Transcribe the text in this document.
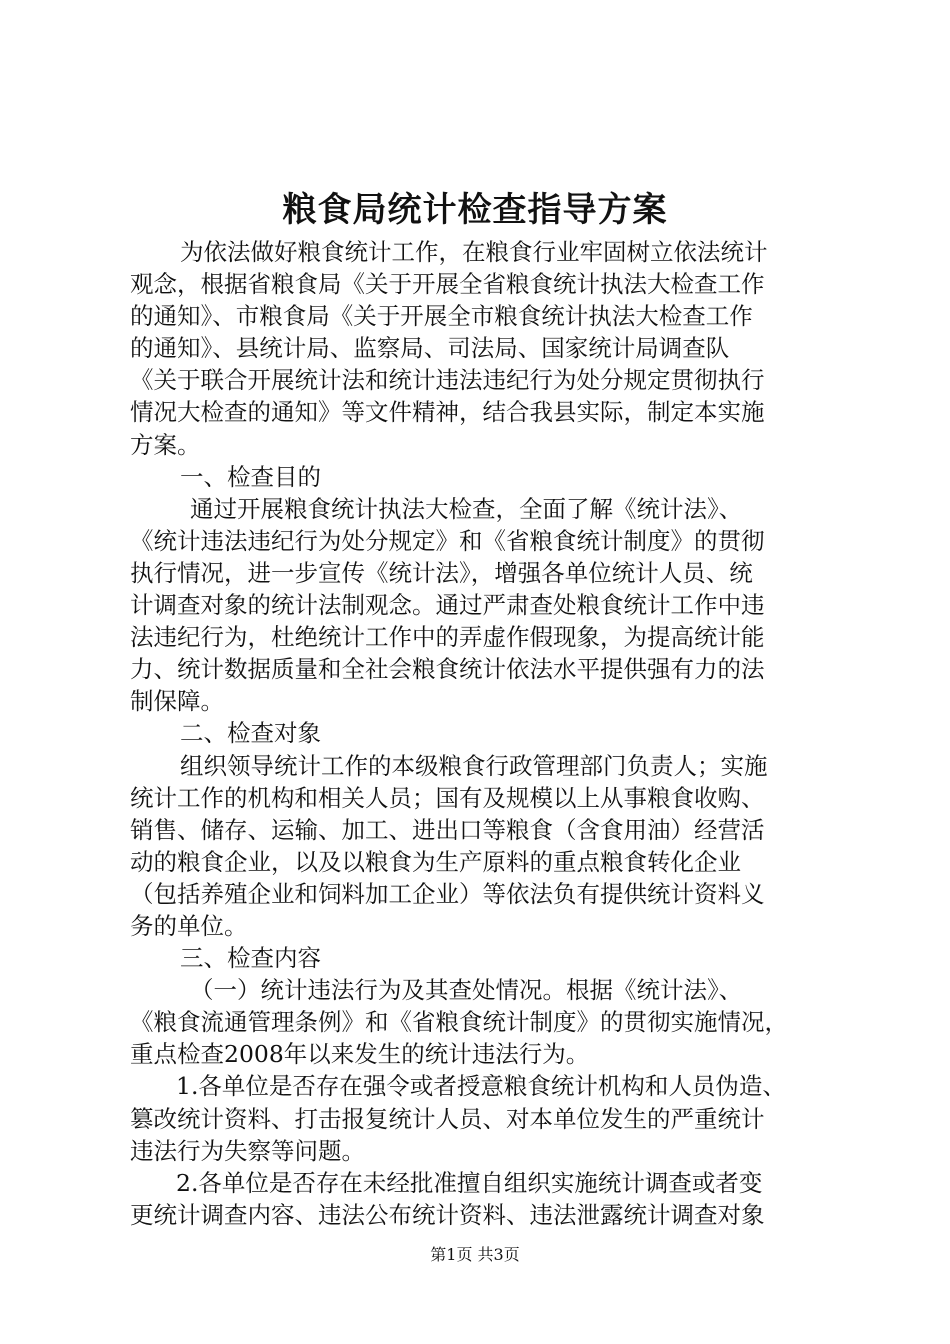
粮食局统计检查指导方案
为依法做好粮食统计工作，在粮食行业牢固树立依法统计
观念，根据省粮食局《关于开展全省粮食统计执法大检查工作
的通知》、市粮食局《关于开展全市粮食统计执法大检查工作
的通知》、县统计局、监察局、司法局、国家统计局调查队
《关于联合开展统计法和统计违法违纪行为处分规定贯彻执行
情况大检查的通知》等文件精神，结合我县实际，制定本实施
方案。
一、检查目的
通过开展粮食统计执法大检查，全面了解《统计法》、
《统计违法违纪行为处分规定》和《省粮食统计制度》的贯彻
执行情况，进一步宣传《统计法》，增强各单位统计人员、统
计调查对象的统计法制观念。通过严肃查处粮食统计工作中违
法违纪行为，杜绝统计工作中的弄虚作假现象，为提高统计能
力、统计数据质量和全社会粮食统计依法水平提供强有力的法
制保障。
二、检查对象
组织领导统计工作的本级粮食行政管理部门负责人；实施
统计工作的机构和相关人员；国有及规模以上从事粮食收购、
销售、储存、运输、加工、进出口等粮食（含食用油）经营活
动的粮食企业，以及以粮食为生产原料的重点粮食转化企业
（包括养殖企业和饲料加工企业）等依法负有提供统计资料义
务的单位。
三、检查内容
（一）统计违法行为及其查处情况。根据《统计法》、
《粮食流通管理条例》和《省粮食统计制度》的贯彻实施情况，
重点检查2008年以来发生的统计违法行为。
1.各单位是否存在强令或者授意粮食统计机构和人员伪造、
篡改统计资料、打击报复统计人员、对本单位发生的严重统计
违法行为失察等问题。
2.各单位是否存在未经批准擅自组织实施统计调查或者变
更统计调查内容、违法公布统计资料、违法泄露统计调查对象
第1页 共3页
